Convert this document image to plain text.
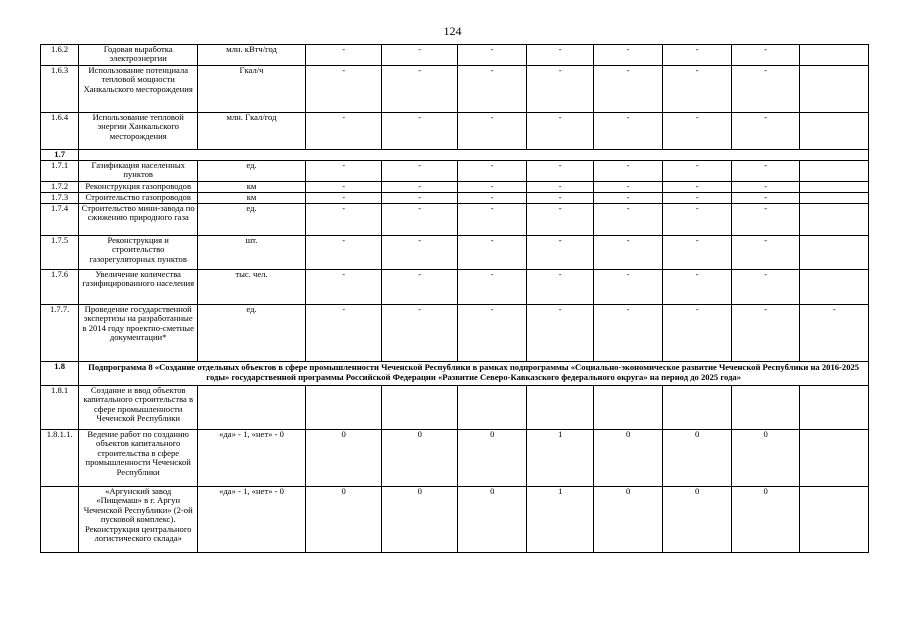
124
1.6.2	Годовая выработка электроэнергии	млн. кВтч/год	-	-	-	-	-	-	-	
1.6.3	Использование потенциала тепловой мощности Ханкальского месторождения	Гкал/ч	-	-	-	-	-	-	-	
1.6.4	Использование тепловой энергии Ханкальского месторождения	млн. Гкал/год	-	-	-	-	-	-	-	
1.7										
1.7.1	Газификация населенных пунктов	ед.	-	-	-	-	-	-	-	
1.7.2	Реконструкция газопроводов	км	-	-	-	-	-	-	-	
1.7.3	Строительство газопроводов	км	-	-	-	-	-	-	-	
1.7.4	Строительство мини-завода по сжижению природного газа	ед.	-	-	-	-	-	-	-	
1.7.5	Реконструкция и строительство газорегуляторных пунктов	шт.	-	-	-	-	-	-	-	
1.7.6	Увеличение количества газифицированного населения	тыс. чел.	-	-	-	-	-	-	-	
1.7.7.	Проведение государственной экспертизы на разработанные в 2014 году проектно-сметные документации*	ед.	-	-	-	-	-	-	-	-
1.8	Подпрограмма 8 «Создание отдельных объектов в сфере промышленности Чеченской Республики в рамках подпрограммы «Социально-экономическое развитие Чеченской Республики на 2016-2025 годы» государственной программы Российской Федерации «Развитие Северо-Кавказского федерального округа» на период до 2025 года»									
1.8.1	Создание и ввод объектов капитального строительства в сфере промышленности Чеченской Республики									
1.8.1.1.	Ведение работ по созданию объектов капитального строительства в сфере промышленности Чеченской Республики	«да» - 1, «нет» - 0	0	0	0	1	0	0	0	
	«Аргунский завод «Пищемаш» в г. Аргун Чеченской Республики» (2-ой пусковой комплекс). Реконструкция центрального логистического склада»	«да» - 1, «нет» - 0	0	0	0	1	0	0	0	
